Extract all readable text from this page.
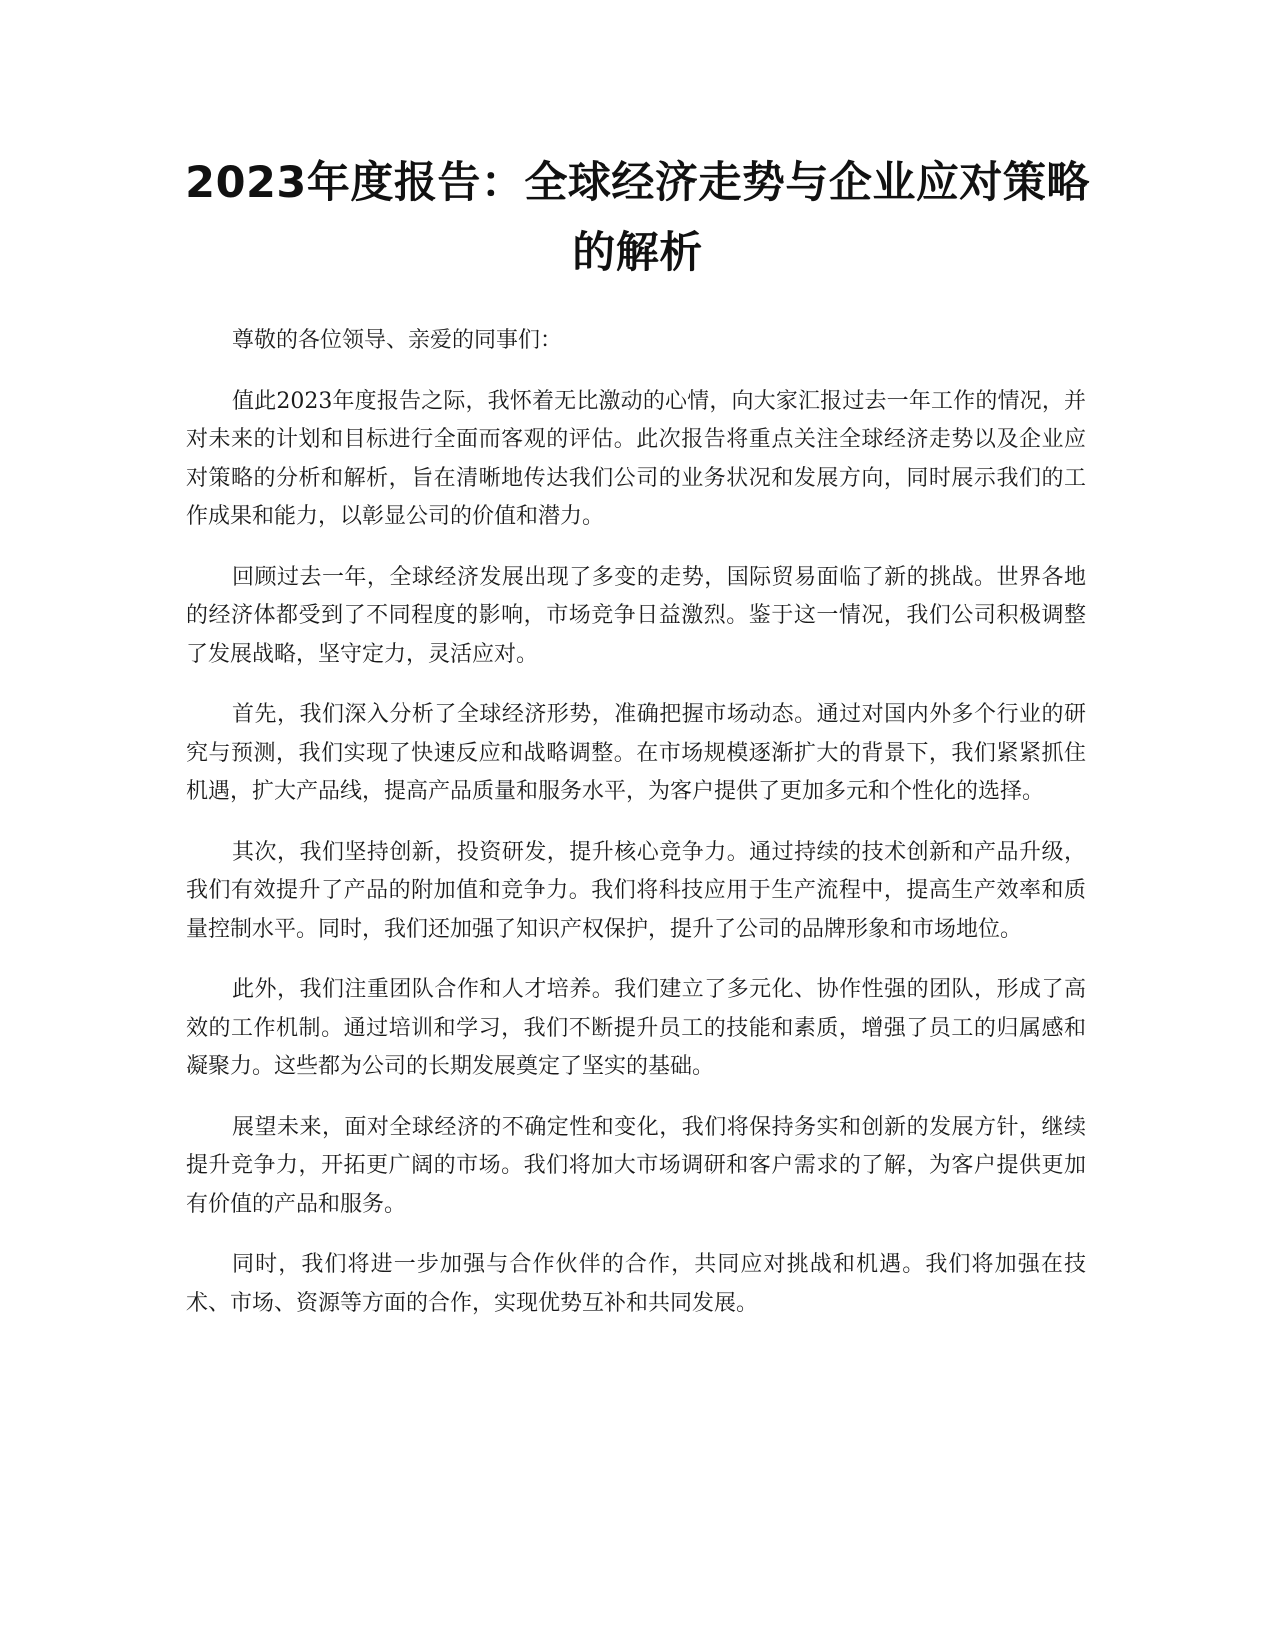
2023年度报告：全球经济走势与企业应对策略的解析

尊敬的各位领导、亲爱的同事们：

值此2023年度报告之际，我怀着无比激动的心情，向大家汇报过去一年工作的情况，并对未来的计划和目标进行全面而客观的评估。此次报告将重点关注全球经济走势以及企业应对策略的分析和解析，旨在清晰地传达我们公司的业务状况和发展方向，同时展示我们的工作成果和能力，以彰显公司的价值和潜力。

回顾过去一年，全球经济发展出现了多变的走势，国际贸易面临了新的挑战。世界各地的经济体都受到了不同程度的影响，市场竞争日益激烈。鉴于这一情况，我们公司积极调整了发展战略，坚守定力，灵活应对。

首先，我们深入分析了全球经济形势，准确把握市场动态。通过对国内外多个行业的研究与预测，我们实现了快速反应和战略调整。在市场规模逐渐扩大的背景下，我们紧紧抓住机遇，扩大产品线，提高产品质量和服务水平，为客户提供了更加多元和个性化的选择。

其次，我们坚持创新，投资研发，提升核心竞争力。通过持续的技术创新和产品升级，我们有效提升了产品的附加值和竞争力。我们将科技应用于生产流程中，提高生产效率和质量控制水平。同时，我们还加强了知识产权保护，提升了公司的品牌形象和市场地位。

此外，我们注重团队合作和人才培养。我们建立了多元化、协作性强的团队，形成了高效的工作机制。通过培训和学习，我们不断提升员工的技能和素质，增强了员工的归属感和凝聚力。这些都为公司的长期发展奠定了坚实的基础。

展望未来，面对全球经济的不确定性和变化，我们将保持务实和创新的发展方针，继续提升竞争力，开拓更广阔的市场。我们将加大市场调研和客户需求的了解，为客户提供更加有价值的产品和服务。

同时，我们将进一步加强与合作伙伴的合作，共同应对挑战和机遇。我们将加强在技术、市场、资源等方面的合作，实现优势互补和共同发展。
